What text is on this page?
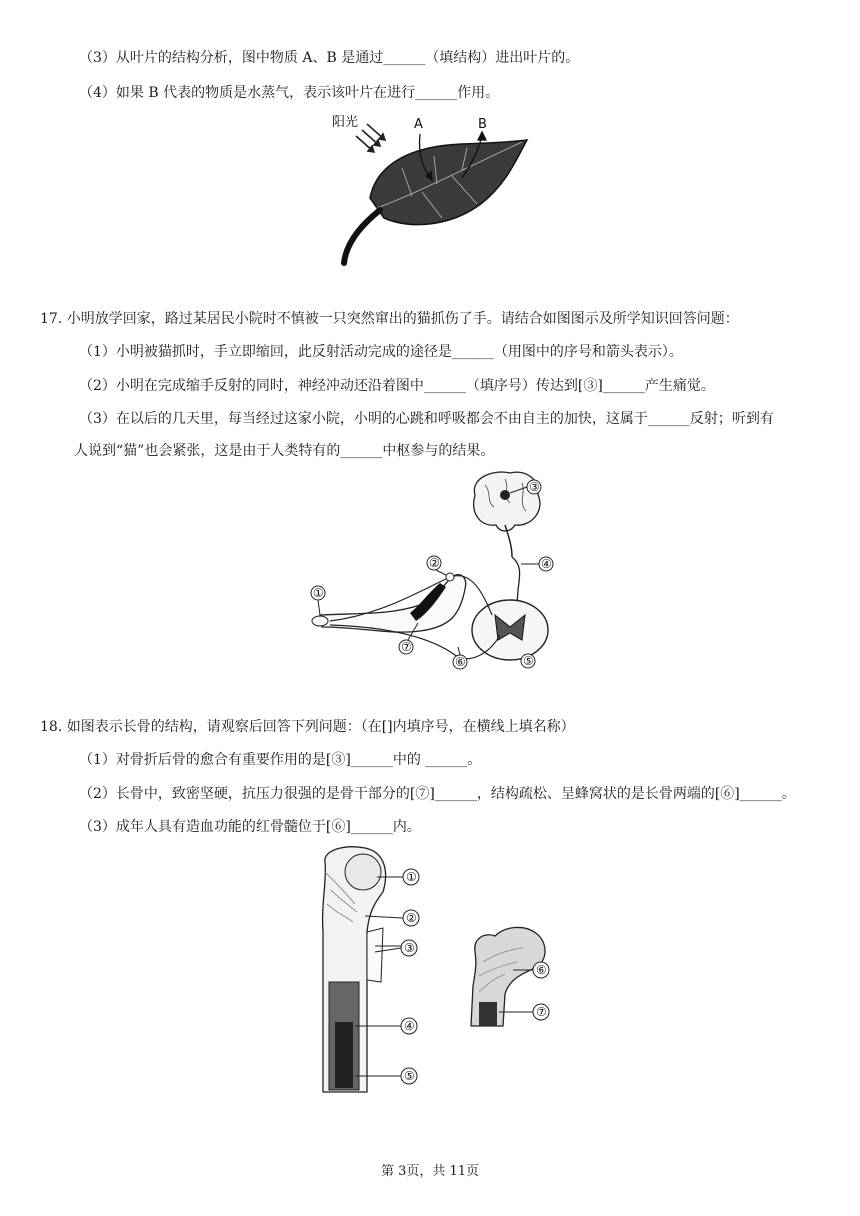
（3）从叶片的结构分析，图中物质 A、B 是通过______（填结构）进出叶片的。
（4）如果 B 代表的物质是水蒸气，表示该叶片在进行______作用。
阳光	A	B
17. 小明放学回家，路过某居民小院时不慎被一只突然窜出的猫抓伤了手。请结合如图图示及所学知识回答问题：
（1）小明被猫抓时，手立即缩回，此反射活动完成的途径是______（用图中的序号和箭头表示）。
（2）小明在完成缩手反射的同时，神经冲动还沿着图中______（填序号）传达到[③]______产生痛觉。
（3）在以后的几天里，每当经过这家小院，小明的心跳和呼吸都会不由自主的加快，这属于______反射；听到有
人说到“猫”也会紧张，这是由于人类特有的______中枢参与的结果。
③
④
⑤
①
②
⑦
⑥
18. 如图表示长骨的结构，请观察后回答下列问题：（在[]内填序号，在横线上填名称）
（1）对骨折后骨的愈合有重要作用的是[③]______中的 ______。
（2）长骨中，致密坚硬，抗压力很强的是骨干部分的[⑦]______，结构疏松、呈蜂窝状的是长骨两端的[⑥]______。
（3）成年人具有造血功能的红骨髓位于[⑥]______内。
①
②
③
④
⑤
⑥
⑦
第 3页，共 11页
